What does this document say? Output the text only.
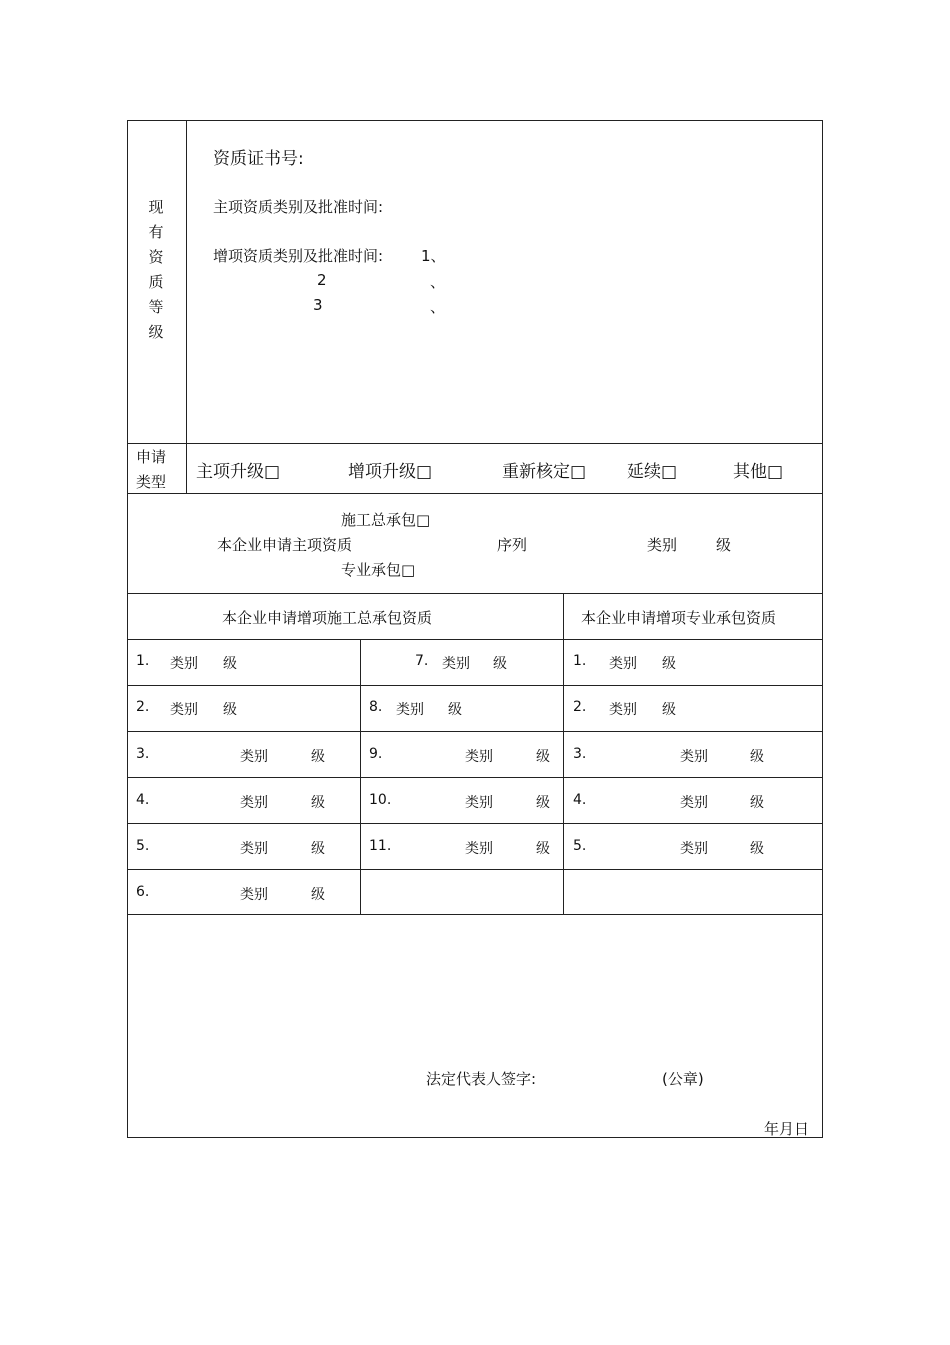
现
有
资
质
等
级
资质证书号:
主项资质类别及批准时间:
增项资质类别及批准时间:	1、
2	、
3	、
申请
类型 主项升级□	增项升级□	重新核定□ 延续□	其他□
施工总承包□
本企业申请主项资质	序列	类别	级
专业承包□
本企业申请增项施工总承包资质	本企业申请增项专业承包资质
1. 类别 级	7. 类别 级	1. 类别 级
2. 类别 级	8. 类别 级	2. 类别 级
3.	类别	级	9.	类别	级 3.	类别	级
4.	类别	级	10.	类别	级 4.	类别	级
5.	类别	级	11.	类别	级 5.	类别	级
6.	类别	级
法定代表人签字:	(公章)
年月日
